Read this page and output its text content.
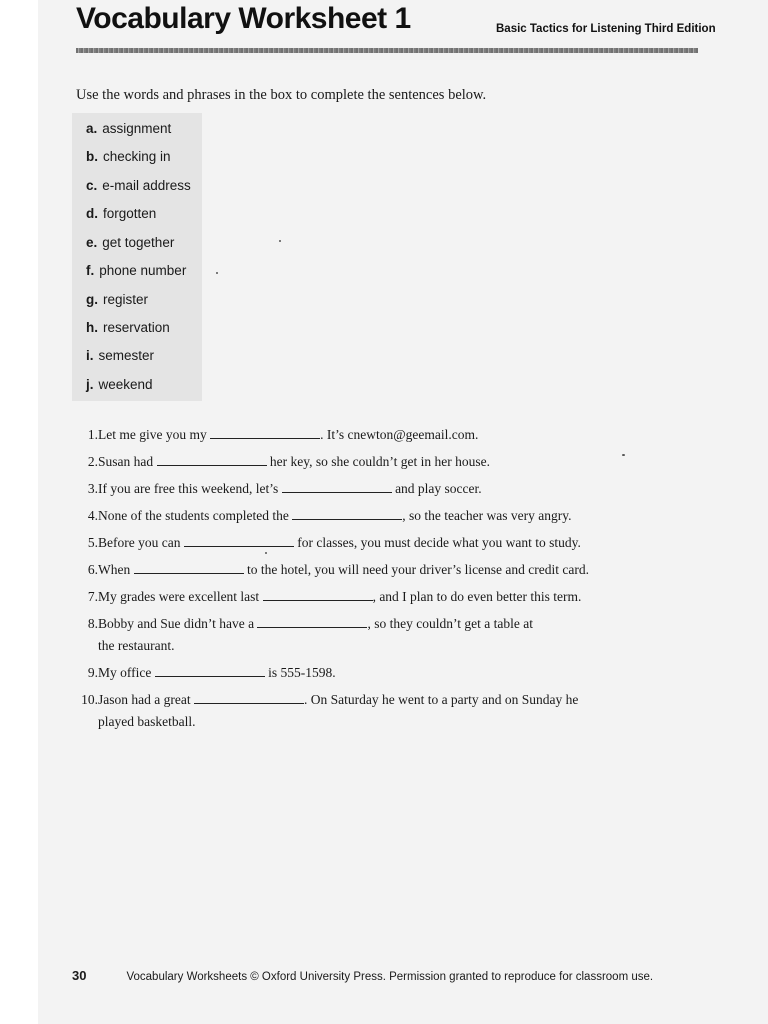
Vocabulary Worksheet 1	Basic Tactics for Listening Third Edition
Use the words and phrases in the box to complete the sentences below.
a. assignment
b. checking in
c. e-mail address
d. forgotten
e. get together
f. phone number
g. register
h. reservation
i. semester
j. weekend
1. Let me give you my	. It’s cnewton@geemail.com.
2. Susan had	her key, so she couldn’t get in her house.
3. If you are free this weekend, let’s	and play soccer.
4. None of the students completed the	, so the teacher was very angry.
5. Before you can	for classes, you must decide what you want to study.
6. When	to the hotel, you will need your driver’s license and credit card.
7. My grades were excellent last	, and I plan to do even better this term.
8. Bobby and Sue didn’t have a	, so they couldn’t get a table at
the restaurant.
9. My office	is 555-1598.
10. Jason had a great	. On Saturday he went to a party and on Sunday he
played basketball.
30	Vocabulary Worksheets © Oxford University Press. Permission granted to reproduce for classroom use.
